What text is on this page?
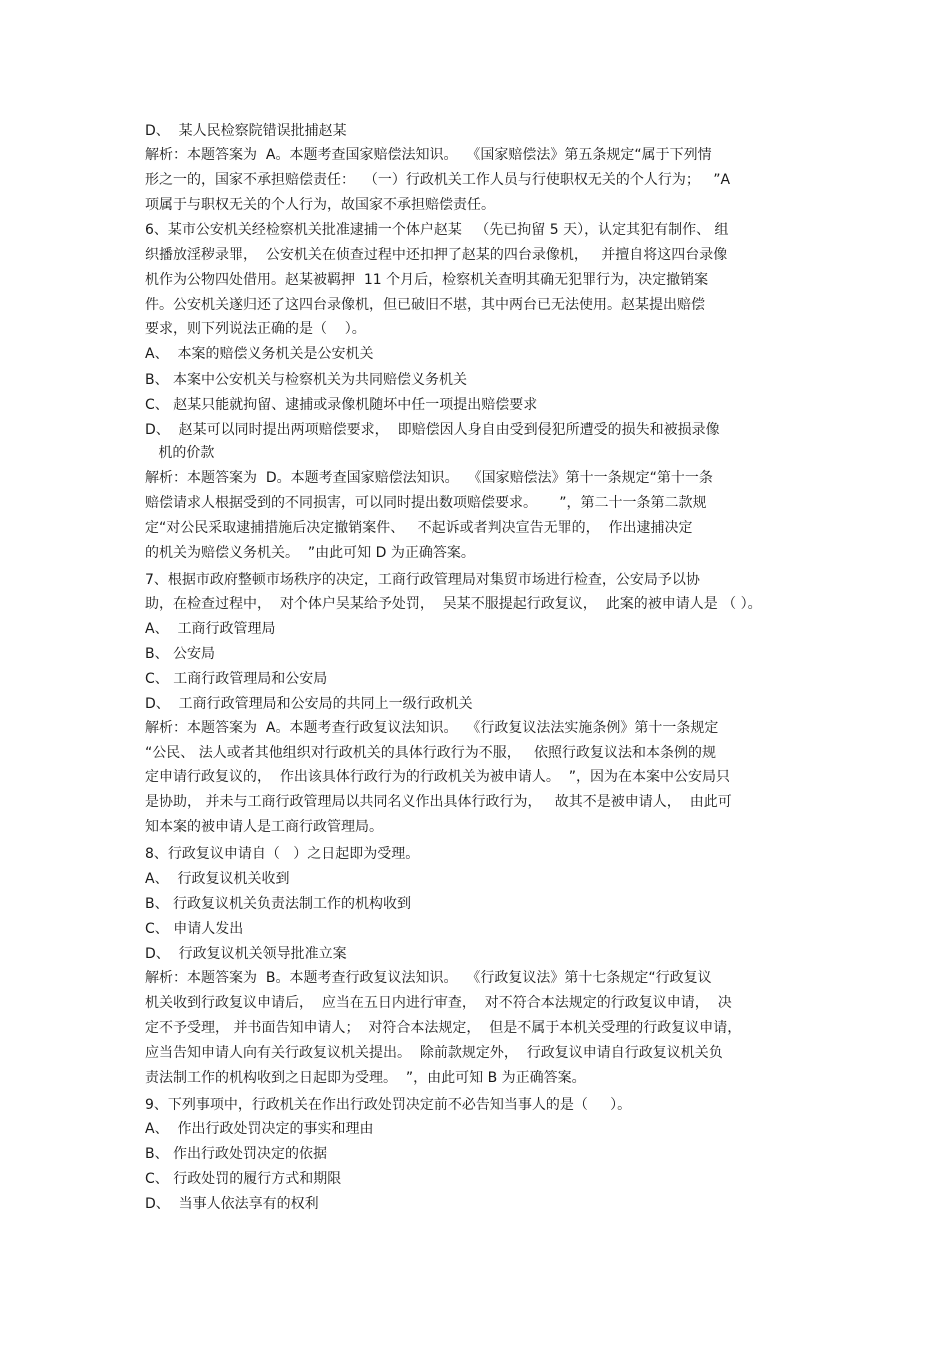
D、  某人民检察院错误批捕赵某
解析：本题答案为  A。本题考查国家赔偿法知识。  《国家赔偿法》第五条规定“属于下列情
形之一的，国家不承担赔偿责任：  （一）行政机关工作人员与行使职权无关的个人行为；   ”A
项属于与职权无关的个人行为，故国家不承担赔偿责任。
6、某市公安机关经检察机关批准逮捕一个体户赵某   （先已拘留 5 天），认定其犯有制作、 组
织播放淫秽录罪，  公安机关在侦查过程中还扣押了赵某的四台录像机，   并擅自将这四台录像
机作为公物四处借用。赵某被羁押  11 个月后，检察机关查明其确无犯罪行为，决定撤销案
件。公安机关遂归还了这四台录像机，但已破旧不堪，其中两台已无法使用。赵某提出赔偿
要求，则下列说法正确的是（    ）。
A、  本案的赔偿义务机关是公安机关
B、 本案中公安机关与检察机关为共同赔偿义务机关
C、 赵某只能就拘留、逮捕或录像机随坏中任一项提出赔偿要求
D、  赵某可以同时提出两项赔偿要求，  即赔偿因人身自由受到侵犯所遭受的损失和被损录像
机的价款
解析：本题答案为  D。本题考查国家赔偿法知识。  《国家赔偿法》第十一条规定“第十一条
赔偿请求人根据受到的不同损害，可以同时提出数项赔偿要求。     ”，第二十一条第二款规
定“对公民采取逮捕措施后决定撤销案件、   不起诉或者判决宣告无罪的，  作出逮捕决定
的机关为赔偿义务机关。  ”由此可知 D 为正确答案。
7、根据市政府整顿市场秩序的决定，工商行政管理局对集贸市场进行检查，公安局予以协
助，在检查过程中，  对个体户吴某给予处罚，  吴某不服提起行政复议，  此案的被申请人是 （ ）。
A、  工商行政管理局
B、 公安局
C、 工商行政管理局和公安局
D、  工商行政管理局和公安局的共同上一级行政机关
解析：本题答案为  A。本题考查行政复议法知识。  《行政复议法法实施条例》第十一条规定
“公民、 法人或者其他组织对行政机关的具体行政行为不服，   依照行政复议法和本条例的规
定申请行政复议的，  作出该具体行政行为的行政机关为被申请人。  ”，因为在本案中公安局只
是协助， 并未与工商行政管理局以共同名义作出具体行政行为，   故其不是被申请人，  由此可
知本案的被申请人是工商行政管理局。
8、行政复议申请自（   ）之日起即为受理。
A、  行政复议机关收到
B、 行政复议机关负责法制工作的机构收到
C、 申请人发出
D、  行政复议机关领导批准立案
解析：本题答案为  B。本题考查行政复议法知识。  《行政复议法》第十七条规定“行政复议
机关收到行政复议申请后，  应当在五日内进行审查，  对不符合本法规定的行政复议申请，  决
定不予受理， 并书面告知申请人；  对符合本法规定，  但是不属于本机关受理的行政复议申请，
应当告知申请人向有关行政复议机关提出。  除前款规定外，  行政复议申请自行政复议机关负
责法制工作的机构收到之日起即为受理。  ”，由此可知 B 为正确答案。
9、下列事项中，行政机关在作出行政处罚决定前不必告知当事人的是（     ）。
A、  作出行政处罚决定的事实和理由
B、 作出行政处罚决定的依据
C、 行政处罚的履行方式和期限
D、  当事人依法享有的权利
